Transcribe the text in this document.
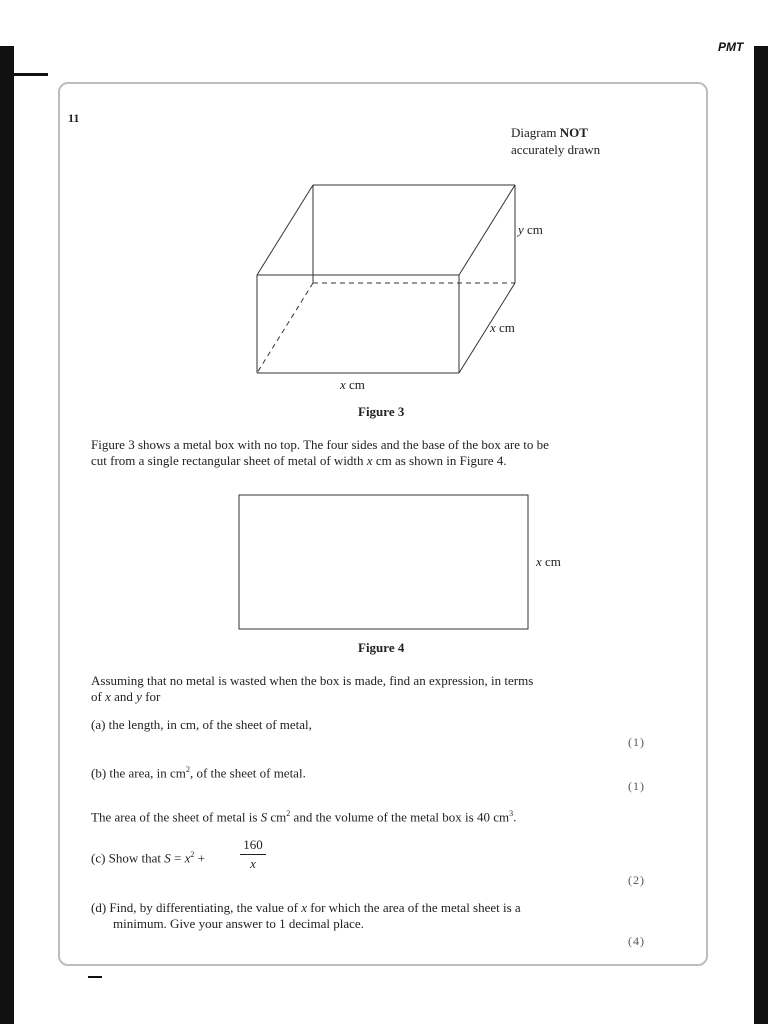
PMT
11
Diagram NOT
accurately drawn
y cm
x cm
x cm
Figure 3
Figure 3 shows a metal box with no top. The four sides and the base of the box are to be
cut from a single rectangular sheet of metal of width x cm as shown in Figure 4.
x cm
Figure 4
Assuming that no metal is wasted when the box is made, find an expression, in terms
of x and y for
(a) the length, in cm, of the sheet of metal,
(1)
(b) the area, in $cm^2$, of the sheet of metal.
(1)
The area of the sheet of metal is S $cm^2$ and the volume of the metal box is 40 $cm^3$.
(c) Show that $S = x^2$ +
160
x
(2)
(d) Find, by differentiating, the value of x for which the area of the metal sheet is a
minimum. Give your answer to 1 decimal place.
(4)
